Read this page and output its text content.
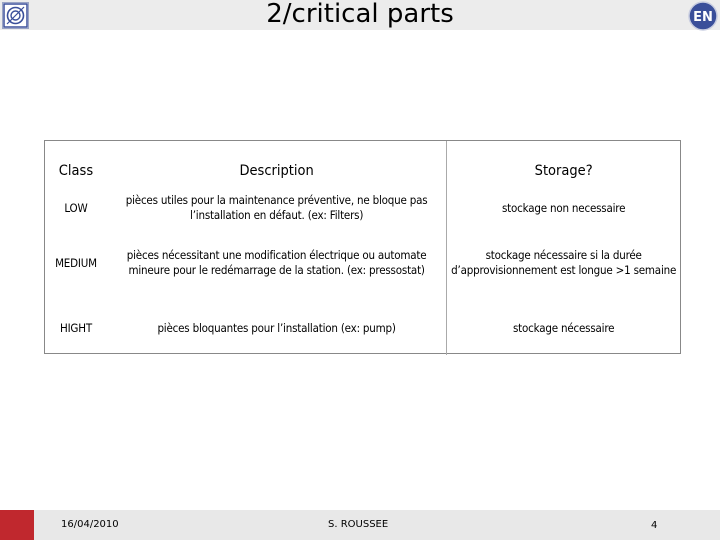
2/critical parts	EN
Class	Description	Storage?
LOW	pièces utiles pour la maintenance préventive, ne bloque pas l’installation en défaut. (ex: Filters)	stockage non necessaire
MEDIUM	pièces nécessitant une modification électrique ou automate mineure pour le redémarrage de la station. (ex: pressostat)	stockage nécessaire si la durée d’approvisionnement est longue >1 semaine
HIGHT	pièces bloquantes pour l’installation (ex: pump)	stockage nécessaire
16/04/2010	S. ROUSSEE	4
